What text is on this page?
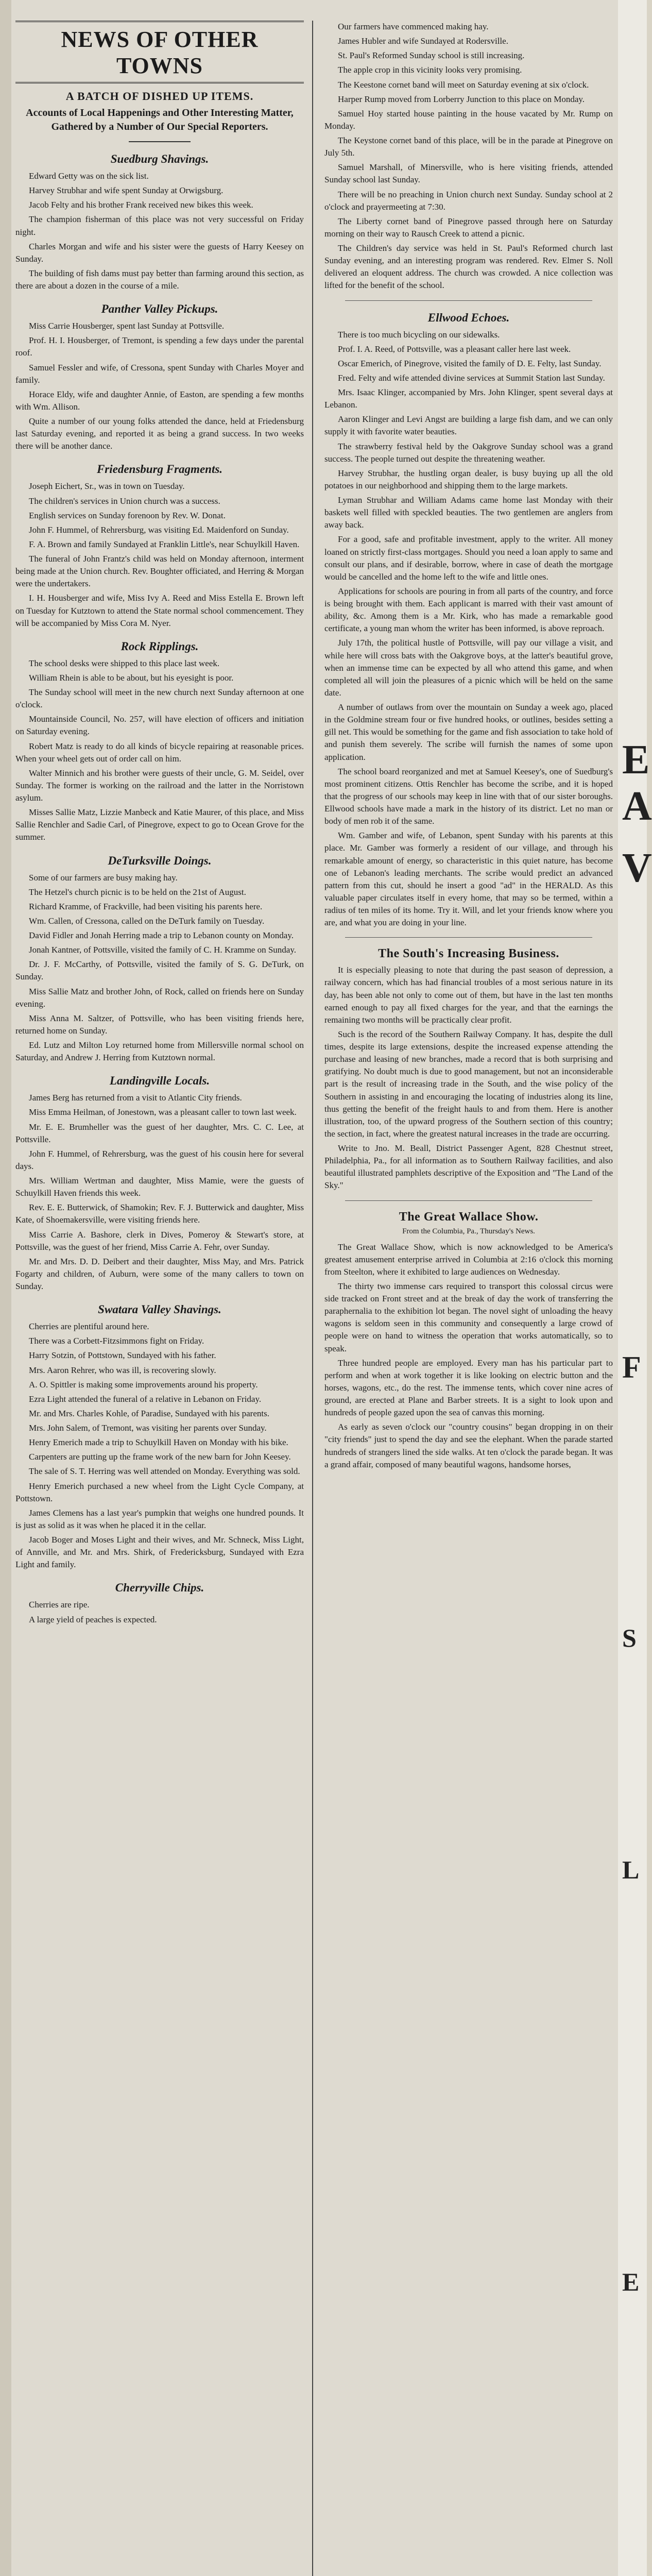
NEWS OF OTHER TOWNS
A BATCH OF DISHED UP ITEMS.
Accounts of Local Happenings and Other Interesting Matter, Gathered by a Number of Our Special Reporters.
Suedburg Shavings.

Edward Getty was on the sick list.

Harvey Strubhar and wife spent Sunday at Orwigsburg.

Jacob Felty and his brother Frank received new bikes this week.

The champion fisherman of this place was not very successful on Friday night.

Charles Morgan and wife and his sister were the guests of Harry Keesey on Sunday.

The building of fish dams must pay better than farming around this section, as there are about a dozen in the course of a mile.

Panther Valley Pickups.

Miss Carrie Housberger, spent last Sunday at Pottsville.

Prof. H. I. Housberger, of Tremont, is spending a few days under the parental roof.

Samuel Fessler and wife, of Cressona, spent Sunday with Charles Moyer and family.

Horace Eldy, wife and daughter Annie, of Easton, are spending a few months with Wm. Allison.

Quite a number of our young folks attended the dance, held at Friedensburg last Saturday evening, and reported it as being a grand success. In two weeks there will be another dance.

Friedensburg Fragments.

Joseph Eichert, Sr., was in town on Tuesday.

The children's services in Union church was a success.

English services on Sunday forenoon by Rev. W. Donat.

John F. Hummel, of Rehrersburg, was visiting Ed. Maidenford on Sunday.

F. A. Brown and family Sundayed at Franklin Little's, near Schuylkill Haven.

The funeral of John Frantz's child was held on Monday afternoon, interment being made at the Union church. Rev. Boughter officiated, and Herring & Morgan were the undertakers.

I. H. Housberger and wife, Miss Ivy A. Reed and Miss Estella E. Brown left on Tuesday for Kutztown to attend the State normal school commencement. They will be accompanied by Miss Cora M. Nyer.

Rock Ripplings.

The school desks were shipped to this place last week.

William Rhein is able to be about, but his eyesight is poor.

The Sunday school will meet in the new church next Sunday afternoon at one o'clock.

Mountainside Council, No. 257, will have election of officers and initiation on Saturday evening.

Robert Matz is ready to do all kinds of bicycle repairing at reasonable prices. When your wheel gets out of order call on him.

Walter Minnich and his brother were guests of their uncle, G. M. Seidel, over Sunday. The former is working on the railroad and the latter in the Norristown asylum.

Misses Sallie Matz, Lizzie Manbeck and Katie Maurer, of this place, and Miss Sallie Renchler and Sadie Carl, of Pinegrove, expect to go to Ocean Grove for the summer.

DeTurksville Doings.

Some of our farmers are busy making hay.

The Hetzel's church picnic is to be held on the 21st of August.

Richard Kramme, of Frackville, had been visiting his parents here.

Wm. Callen, of Cressona, called on the DeTurk family on Tuesday.

David Fidler and Jonah Herring made a trip to Lebanon county on Monday.

Jonah Kantner, of Pottsville, visited the family of C. H. Kramme on Sunday.

Dr. J. F. McCarthy, of Pottsville, visited the family of S. G. DeTurk, on Sunday.

Miss Sallie Matz and brother John, of Rock, called on friends here on Sunday evening.

Miss Anna M. Saltzer, of Pottsville, who has been visiting friends here, returned home on Sunday.

Ed. Lutz and Milton Loy returned home from Millersville normal school on Saturday, and Andrew J. Herring from Kutztown normal.

Landingville Locals.

James Berg has returned from a visit to Atlantic City friends.

Miss Emma Heilman, of Jonestown, was a pleasant caller to town last week.

Mr. E. E. Brumheller was the guest of her daughter, Mrs. C. C. Lee, at Pottsville.

John F. Hummel, of Rehrersburg, was the guest of his cousin here for several days.

Mrs. William Wertman and daughter, Miss Mamie, were the guests of Schuylkill Haven friends this week.

Rev. E. E. Butterwick, of Shamokin; Rev. F. J. Butterwick and daughter, Miss Kate, of Shoemakersville, were visiting friends here.

Miss Carrie A. Bashore, clerk in Dives, Pomeroy & Stewart's store, at Pottsville, was the guest of her friend, Miss Carrie A. Fehr, over Sunday.

Mr. and Mrs. D. D. Deibert and their daughter, Miss May, and Mrs. Patrick Fogarty and children, of Auburn, were some of the many callers to town on Sunday.

Swatara Valley Shavings.

Cherries are plentiful around here.

There was a Corbett-Fitzsimmons fight on Friday.

Harry Sotzin, of Pottstown, Sundayed with his father.

Mrs. Aaron Rehrer, who was ill, is recovering slowly.

A. O. Spittler is making some improvements around his property.

Ezra Light attended the funeral of a relative in Lebanon on Friday.

Mr. and Mrs. Charles Kohle, of Paradise, Sundayed with his parents.

Mrs. John Salem, of Tremont, was visiting her parents over Sunday.

Henry Emerich made a trip to Schuylkill Haven on Monday with his bike.

Carpenters are putting up the frame work of the new barn for John Keesey.

The sale of S. T. Herring was well attended on Monday. Everything was sold.

Henry Emerich purchased a new wheel from the Light Cycle Company, at Pottstown.

James Clemens has a last year's pumpkin that weighs one hundred pounds. It is just as solid as it was when he placed it in the cellar.

Jacob Boger and Moses Light and their wives, and Mr. Schneck, Miss Light, of Annville, and Mr. and Mrs. Shirk, of Fredericksburg, Sundayed with Ezra Light and family.

Cherryville Chips.

Cherries are ripe.

A large yield of peaches is expected.

Our farmers have commenced making hay.

James Hubler and wife Sundayed at Rodersville.

St. Paul's Reformed Sunday school is still increasing.

The apple crop in this vicinity looks very promising.

The Keestone cornet band will meet on Saturday evening at six o'clock.

Harper Rump moved from Lorberry Junction to this place on Monday.

Samuel Hoy started house painting in the house vacated by Mr. Rump on Monday.

The Keystone cornet band of this place, will be in the parade at Pinegrove on July 5th.

Samuel Marshall, of Minersville, who is here visiting friends, attended Sunday school last Sunday.

There will be no preaching in Union church next Sunday. Sunday school at 2 o'clock and prayermeeting at 7:30.

The Liberty cornet band of Pinegrove passed through here on Saturday morning on their way to Rausch Creek to attend a picnic.

The Children's day service was held in St. Paul's Reformed church last Sunday evening, and an interesting program was rendered. Rev. Elmer S. Noll delivered an eloquent address. The church was crowded. A nice collection was lifted for the benefit of the school.

Ellwood Echoes.

There is too much bicycling on our sidewalks.

Prof. I. A. Reed, of Pottsville, was a pleasant caller here last week.

Oscar Emerich, of Pinegrove, visited the family of D. E. Felty, last Sunday.

Fred. Felty and wife attended divine services at Summit Station last Sunday.

Mrs. Isaac Klinger, accompanied by Mrs. John Klinger, spent several days at Lebanon.

Aaron Klinger and Levi Angst are building a large fish dam, and we can only supply it with favorite water beauties.

The strawberry festival held by the Oakgrove Sunday school was a grand success. The people turned out despite the threatening weather.

Harvey Strubhar, the hustling organ dealer, is busy buying up all the old potatoes in our neighborhood and shipping them to the large markets.

Lyman Strubhar and William Adams came home last Monday with their baskets well filled with speckled beauties. The two gentlemen are anglers from away back.

For a good, safe and profitable investment, apply to the writer. All money loaned on strictly first-class mortgages. Should you need a loan apply to same and consult our plans, and if desirable, borrow, where in case of death the mortgage would be cancelled and the home left to the wife and little ones.

Applications for schools are pouring in from all parts of the country, and force is being brought with them. Each applicant is marred with their vast amount of ability, &c. Among them is a Mr. Kirk, who has made a remarkable good certificate, a young man whom the writer has been informed, is above reproach.

July 17th, the political hustle of Pottsville, will pay our village a visit, and while here will cross bats with the Oakgrove boys, at the latter's beautiful grove, when an immense time can be expected by all who attend this game, and when completed all will join the pleasures of a picnic which will be held on the same date.

A number of outlaws from over the mountain on Sunday a week ago, placed in the Goldmine stream four or five hundred hooks, or outlines, besides setting a gill net. This would be something for the game and fish association to take hold of and punish them severely. The scribe will furnish the names of some upon application.

The school board reorganized and met at Samuel Keesey's, one of Suedburg's most prominent citizens. Ottis Renchler has become the scribe, and it is hoped that the progress of our schools may keep in line with that of our sister boroughs. Ellwood schools have made a mark in the history of its district. Let no man or body of men rob it of the same.

Wm. Gamber and wife, of Lebanon, spent Sunday with his parents at this place. Mr. Gamber was formerly a resident of our village, and through his remarkable amount of energy, so characteristic in this quiet nature, has become one of Lebanon's leading merchants. The scribe would predict an advanced pattern from this cut, should he insert a good "ad" in the HERALD. As this valuable paper circulates itself in every home, that may so be termed, within a radius of ten miles of its home. Try it. Will, and let your friends know where you are, and what you are doing in your line.

The South's Increasing Business.

It is especially pleasing to note that during the past season of depression, a railway concern, which has had financial troubles of a most serious nature in its day, has been able not only to come out of them, but have in the last ten months earned enough to pay all fixed charges for the year, and that the earnings the remaining two months will be practically clear profit.

Such is the record of the Southern Railway Company. It has, despite the dull times, despite its large extensions, despite the increased expense attending the purchase and leasing of new branches, made a record that is both surprising and gratifying. No doubt much is due to good management, but not an inconsiderable part is the result of increasing trade in the South, and the wise policy of the Southern in assisting in and encouraging the locating of industries along its line, thus getting the benefit of the freight hauls to and from them. Here is another illustration, too, of the upward progress of the Southern section of this country; the section, in fact, where the greatest natural increases in the trade are occurring.

Write to Jno. M. Beall, District Passenger Agent, 828 Chestnut street, Philadelphia, Pa., for all information as to Southern Railway facilities, and also beautiful illustrated pamphlets descriptive of the Exposition and "The Land of the Sky."

The Great Wallace Show.
From the Columbia, Pa., Thursday's News.

The Great Wallace Show, which is now acknowledged to be America's greatest amusement enterprise arrived in Columbia at 2:16 o'clock this morning from Steelton, where it exhibited to large audiences on Wednesday.

The thirty two immense cars required to transport this colossal circus were side tracked on Front street and at the break of day the work of transferring the paraphernalia to the exhibition lot began. The novel sight of unloading the heavy wagons is seldom seen in this community and consequently a large crowd of people were on hand to witness the operation that works automatically, so to speak.

Three hundred people are employed. Every man has his particular part to perform and when at work together it is like looking on electric button and the horses, wagons, etc., do the rest. The immense tents, which cover nine acres of ground, are erected at Plane and Barber streets. It is a sight to look upon and hundreds of people gazed upon the sea of canvas this morning.

As early as seven o'clock our "country cousins" began dropping in on their "city friends" just to spend the day and see the elephant. When the parade started hundreds of strangers lined the side walks. At ten o'clock the parade began. It was a grand affair, composed of many beautiful wagons, handsome horses,

E
A
V
F
S
L
E
